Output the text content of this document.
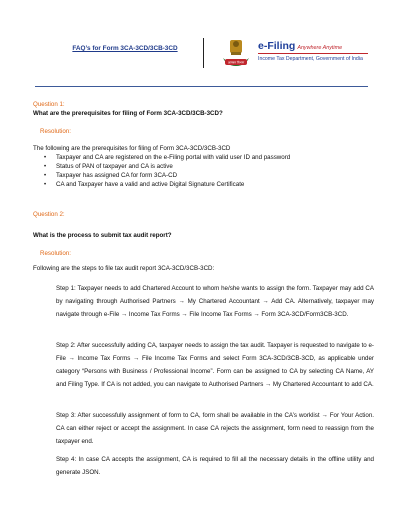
FAQ’s for Form 3CA-3CD/3CB-3CD
आयकर विभाग
e-Filing Anywhere Anytime
Income Tax Department, Government of India
Question 1:
What are the prerequisites for filing of Form 3CA-3CD/3CB-3CD?
Resolution:
The following are the prerequisites for filing of Form 3CA-3CD/3CB-3CD
• Taxpayer and CA are registered on the e-Filing portal with valid user ID and password
• Status of PAN of taxpayer and CA is active
• Taxpayer has assigned CA for form 3CA-CD
• CA and Taxpayer have a valid and active Digital Signature Certificate
Question 2:
What is the process to submit tax audit report?
Resolution:
Following are the steps to file tax audit report 3CA-3CD/3CB-3CD:
Step 1: Taxpayer needs to add Chartered Account to whom he/she wants to assign the form. Taxpayer may add CA by navigating through Authorised Partners → My Chartered Accountant → Add CA. Alternatively, taxpayer may navigate through e-File → Income Tax Forms → File Income Tax Forms → Form 3CA-3CD/Form3CB-3CD.
Step 2: After successfully adding CA, taxpayer needs to assign the tax audit. Taxpayer is requested to navigate to e-File → Income Tax Forms → File Income Tax Forms and select Form 3CA-3CD/3CB-3CD, as applicable under category “Persons with Business / Professional Income”. Form can be assigned to CA by selecting CA Name, AY and Filing Type. If CA is not added, you can navigate to Authorised Partners → My Chartered Accountant to add CA.
Step 3: After successfully assignment of form to CA, form shall be available in the CA’s worklist → For Your Action. CA can either reject or accept the assignment. In case CA rejects the assignment, form need to reassign from the taxpayer end.
Step 4: In case CA accepts the assignment, CA is required to fill all the necessary details in the offline utility and generate JSON.
